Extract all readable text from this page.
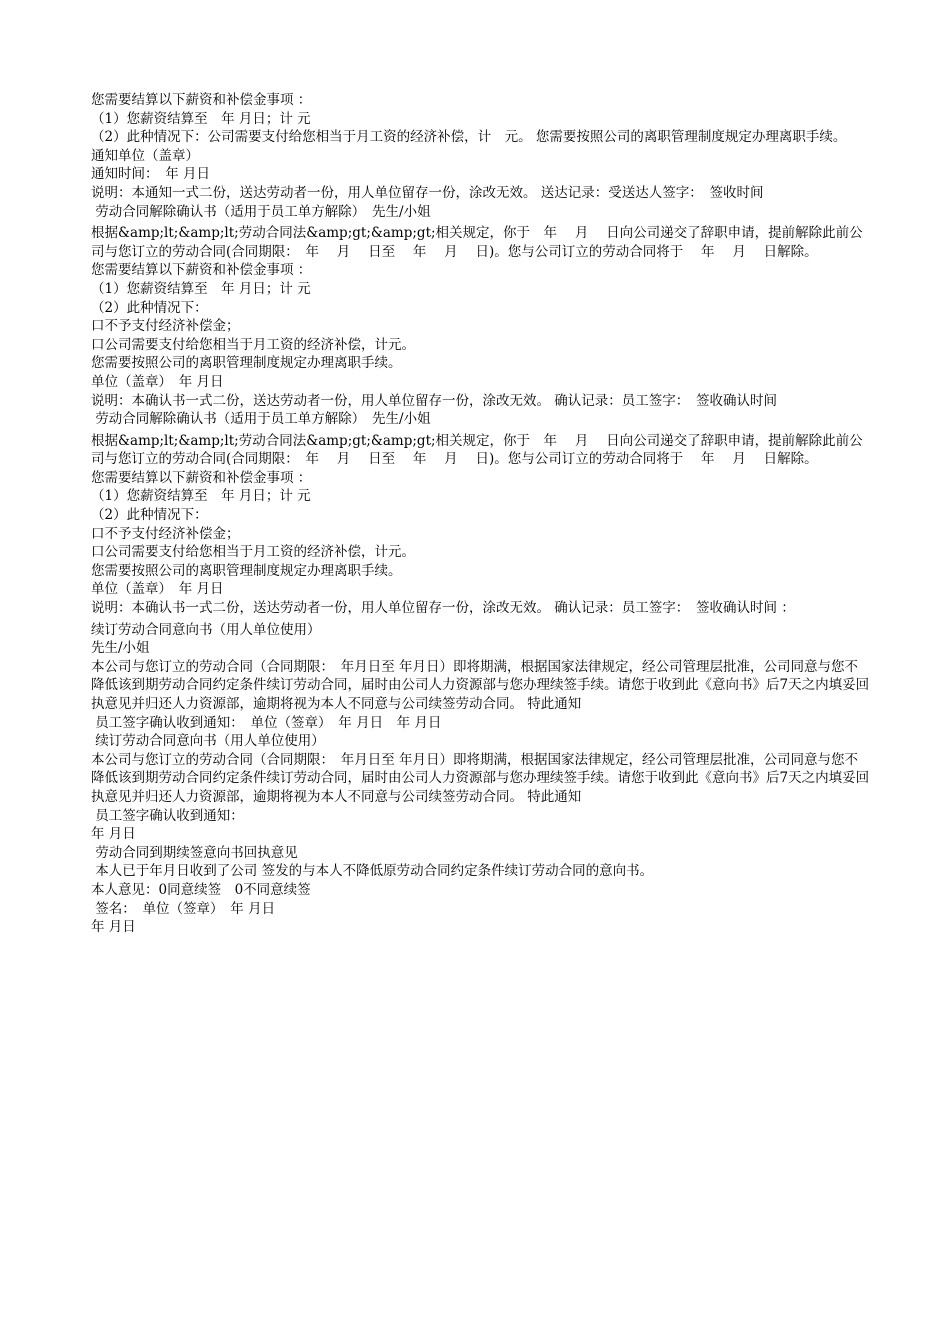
您需要结算以下薪资和补偿金事项 ：
（1）您薪资结算至　年 月日；计 元
（2）此种情况下：公司需要支付给您相当于月工资的经济补偿，计　元。 您需要按照公司的离职管理制度规定办理离职手续。
通知单位（盖章）
通知时间：　年 月日
说明：本通知一式二份，送达劳动者一份，用人单位留存一份，涂改无效。 送达记录：受送达人签字：　签收时间
劳动合同解除确认书（适用于员工单方解除）　先生/小姐
根据&amp;lt;&amp;lt;劳动合同法&amp;gt;&amp;gt;相关规定，你于　年　 月　 日向公司递交了辞职申请，提前解除此前公司与您订立的劳动合同(合同期限：　年　 月　 日至　 年　 月　 日)。您与公司订立的劳动合同将于　 年　 月　 日解除。
您需要结算以下薪资和补偿金事项 ：
（1）您薪资结算至　年 月日；计 元
（2）此种情况下：
口不予支付经济补偿金；
口公司需要支付给您相当于月工资的经济补偿，计元。
您需要按照公司的离职管理制度规定办理离职手续。
单位（盖章）　年 月日
说明：本确认书一式二份，送达劳动者一份，用人单位留存一份，涂改无效。 确认记录：员工签字：　签收确认时间
劳动合同解除确认书（适用于员工单方解除）　先生/小姐
根据&amp;lt;&amp;lt;劳动合同法&amp;gt;&amp;gt;相关规定，你于　年　 月　 日向公司递交了辞职申请，提前解除此前公司与您订立的劳动合同(合同期限：　年　 月　 日至　 年　 月　 日)。您与公司订立的劳动合同将于　 年　 月　 日解除。
您需要结算以下薪资和补偿金事项 ：
（1）您薪资结算至　年 月日；计 元
（2）此种情况下：
口不予支付经济补偿金；
口公司需要支付给您相当于月工资的经济补偿，计元。
您需要按照公司的离职管理制度规定办理离职手续。
单位（盖章）　年 月日
说明：本确认书一式二份，送达劳动者一份，用人单位留存一份，涂改无效。 确认记录：员工签字：　签收确认时间 ：
续订劳动合同意向书（用人单位使用）
先生/小姐
本公司与您订立的劳动合同（合同期限：　年月日至 年月日）即将期满，根据国家法律规定，经公司管理层批准，公司同意与您不降低该到期劳动合同约定条件续订劳动合同，届时由公司人力资源部与您办理续签手续。请您于收到此《意向书》后7天之内填妥回执意见并归还人力资源部，逾期将视为本人不同意与公司续签劳动合同。 特此通知
员工签字确认收到通知：　单位（签章）　年 月日　年 月日
续订劳动合同意向书（用人单位使用）
本公司与您订立的劳动合同（合同期限：　年月日至 年月日）即将期满，根据国家法律规定，经公司管理层批准，公司同意与您不降低该到期劳动合同约定条件续订劳动合同，届时由公司人力资源部与您办理续签手续。请您于收到此《意向书》后7天之内填妥回执意见并归还人力资源部，逾期将视为本人不同意与公司续签劳动合同。 特此通知
员工签字确认收到通知：
年 月日
劳动合同到期续签意向书回执意见
本人已于年月日收到了公司 签发的与本人不降低原劳动合同约定条件续订劳动合同的意向书。
本人意见：0同意续签　0不同意续签
签名：　单位（签章）　年 月日
年 月日
